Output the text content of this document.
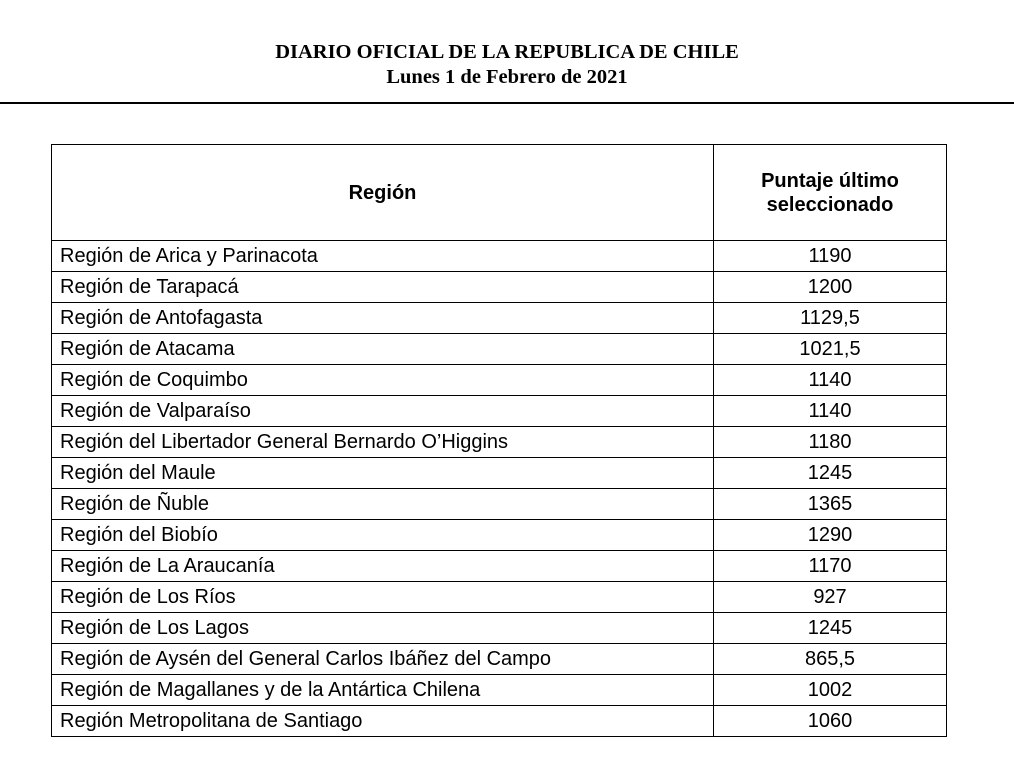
DIARIO OFICIAL DE LA REPUBLICA DE CHILE
Lunes 1 de Febrero de 2021
Región	Puntaje último seleccionado
Región de Arica y Parinacota	1190
Región de Tarapacá	1200
Región de Antofagasta	1129,5
Región de Atacama	1021,5
Región de Coquimbo	1140
Región de Valparaíso	1140
Región del Libertador General Bernardo O’Higgins	1180
Región del Maule	1245
Región de Ñuble	1365
Región del Biobío	1290
Región de La Araucanía	1170
Región de Los Ríos	927
Región de Los Lagos	1245
Región de Aysén del General Carlos Ibáñez del Campo	865,5
Región de Magallanes y de la Antártica Chilena	1002
Región Metropolitana de Santiago	1060
